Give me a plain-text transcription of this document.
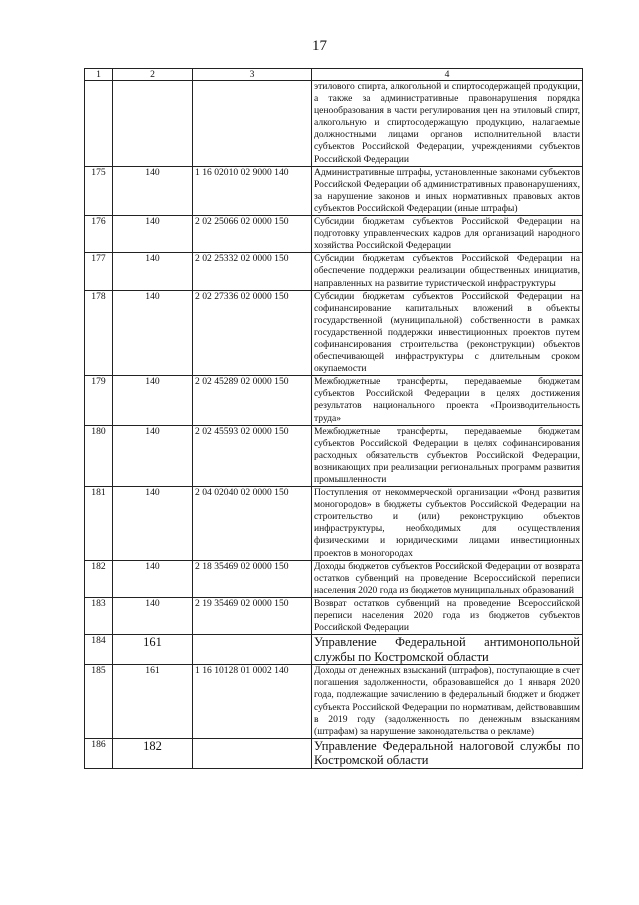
17
1	2	3	4
			этилового спирта, алкогольной и спиртосодержащей продукции, а также за административные правонарушения порядка ценообразования в части регулирования цен на этиловый спирт, алкогольную и спиртосодержащую продукцию, налагаемые должностными лицами органов исполнительной власти субъектов Российской Федерации, учреждениями субъектов Российской Федерации
175	140	1 16 02010 02 9000 140	Административные штрафы, установленные законами субъектов Российской Федерации об административных правонарушениях, за нарушение законов и иных нормативных правовых актов субъектов Российской Федерации (иные штрафы)
176	140	2 02 25066 02 0000 150	Субсидии бюджетам субъектов Российской Федерации на подготовку управленческих кадров для организаций народного хозяйства Российской Федерации
177	140	2 02 25332 02 0000 150	Субсидии бюджетам субъектов Российской Федерации на обеспечение поддержки реализации общественных инициатив, направленных на развитие туристической инфраструктуры
178	140	2 02 27336 02 0000 150	Субсидии бюджетам субъектов Российской Федерации на софинансирование капитальных вложений в объекты государственной (муниципальной) собственности в рамках государственной поддержки инвестиционных проектов путем софинансирования строительства (реконструкции) объектов обеспечивающей инфраструктуры с длительным сроком окупаемости
179	140	2 02 45289 02 0000 150	Межбюджетные трансферты, передаваемые бюджетам субъектов Российской Федерации в целях достижения результатов национального проекта «Производительность труда»
180	140	2 02 45593 02 0000 150	Межбюджетные трансферты, передаваемые бюджетам субъектов Российской Федерации в целях софинансирования расходных обязательств субъектов Российской Федерации, возникающих при реализации региональных программ развития промышленности
181	140	2 04 02040 02 0000 150	Поступления от некоммерческой организации «Фонд развития моногородов» в бюджеты субъектов Российской Федерации на строительство и (или) реконструкцию объектов инфраструктуры, необходимых для осуществления физическими и юридическими лицами инвестиционных проектов в моногородах
182	140	2 18 35469 02 0000 150	Доходы бюджетов субъектов Российской Федерации от возврата остатков субвенций на проведение Всероссийской переписи населения 2020 года из бюджетов муниципальных образований
183	140	2 19 35469 02 0000 150	Возврат остатков субвенций на проведение Всероссийской переписи населения 2020 года из бюджетов субъектов Российской Федерации
184	161		Управление Федеральной антимонопольной службы по Костромской области
185	161	1 16 10128 01 0002 140	Доходы от денежных взысканий (штрафов), поступающие в счет погашения задолженности, образовавшейся до 1 января 2020 года, подлежащие зачислению в федеральный бюджет и бюджет субъекта Российской Федерации по нормативам, действовавшим в 2019 году (задолженность по денежным взысканиям (штрафам) за нарушение законодательства о рекламе)
186	182		Управление Федеральной налоговой службы по Костромской области
